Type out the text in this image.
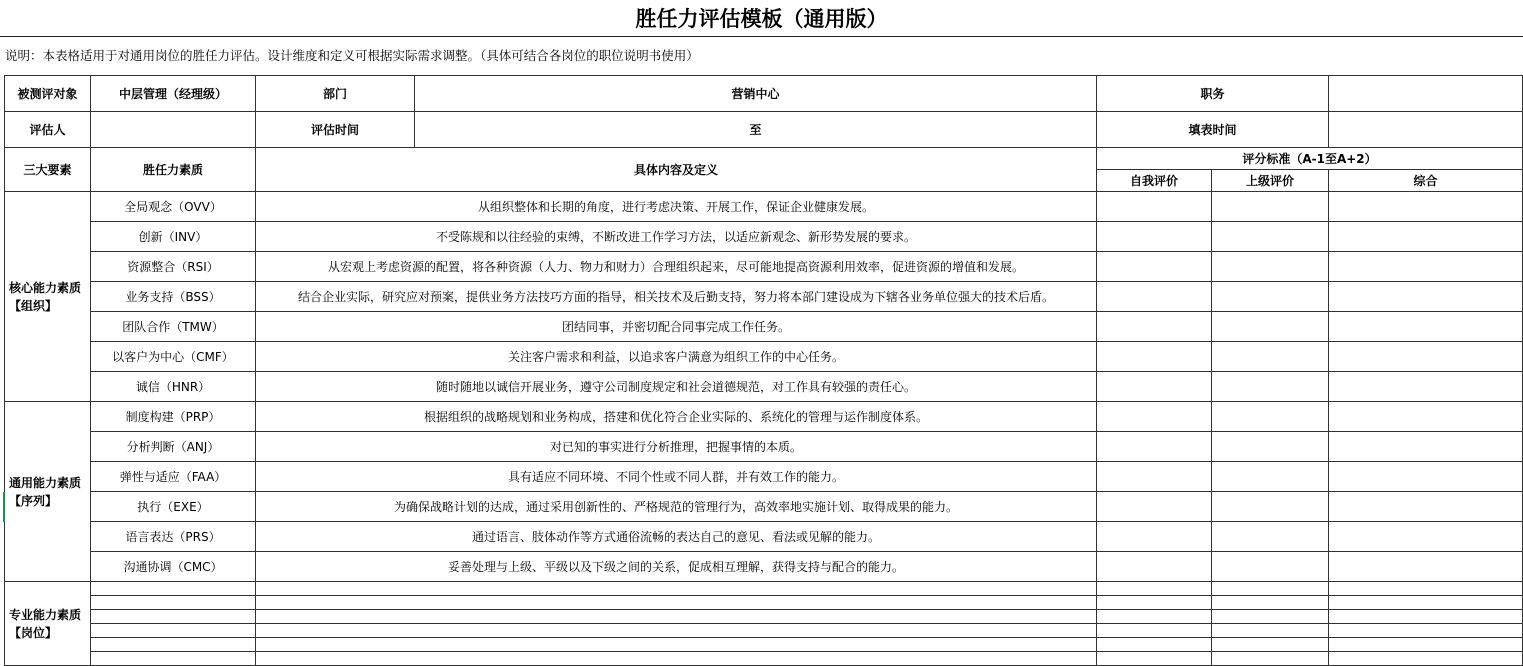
胜任力评估模板（通用版）
说明：本表格适用于对通用岗位的胜任力评估。设计维度和定义可根据实际需求调整。（具体可结合各岗位的职位说明书使用）
被测评对象	中层管理（经理级）	部门	营销中心	职务		
评估人		评估时间	至	填表时间		
三大要素	胜任力素质	具体内容及定义		评分标准（A-1至A+2）		
				自我评价	上级评价	综合
核心能力素质【组织】	全局观念（OVV）	从组织整体和长期的角度，进行考虑决策、开展工作，保证企业健康发展。				
	创新（INV）	不受陈规和以往经验的束缚，不断改进工作学习方法，以适应新观念、新形势发展的要求。				
	资源整合（RSI）	从宏观上考虑资源的配置，将各种资源（人力、物力和财力）合理组织起来，尽可能地提高资源利用效率，促进资源的增值和发展。				
	业务支持（BSS）	结合企业实际，研究应对预案，提供业务方法技巧方面的指导，相关技术及后勤支持，努力将本部门建设成为下辖各业务单位强大的技术后盾。				
	团队合作（TMW）	团结同事，并密切配合同事完成工作任务。				
	以客户为中心（CMF）	关注客户需求和利益，以追求客户满意为组织工作的中心任务。				
	诚信（HNR）	随时随地以诚信开展业务，遵守公司制度规定和社会道德规范，对工作具有较强的责任心。				
通用能力素质【序列】	制度构建（PRP）	根据组织的战略规划和业务构成，搭建和优化符合企业实际的、系统化的管理与运作制度体系。				
	分析判断（ANJ）	对已知的事实进行分析推理，把握事情的本质。				
	弹性与适应（FAA）	具有适应不同环境、不同个性或不同人群，并有效工作的能力。				
	执行（EXE）	为确保战略计划的达成，通过采用创新性的、严格规范的管理行为，高效率地实施计划、取得成果的能力。				
	语言表达（PRS）	通过语言、肢体动作等方式通俗流畅的表达自己的意见、看法或见解的能力。				
	沟通协调（CMC）	妥善处理与上级、平级以及下级之间的关系，促成相互理解，获得支持与配合的能力。				
专业能力素质【岗位】						
